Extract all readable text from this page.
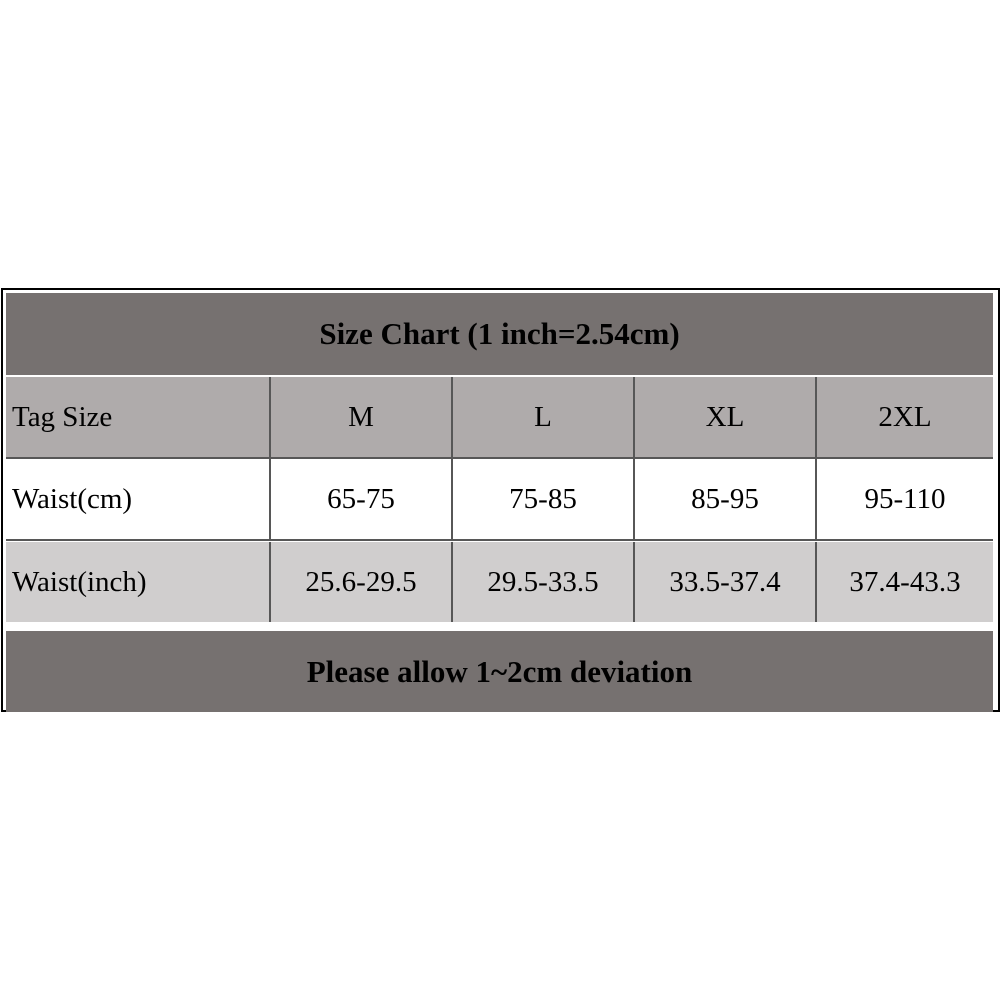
Size Chart (1 inch=2.54cm)
Tag Size	M	L	XL	2XL
Waist(cm)	65-75	75-85	85-95	95-110
Waist(inch)	25.6-29.5	29.5-33.5	33.5-37.4	37.4-43.3
Please allow 1~2cm deviation
